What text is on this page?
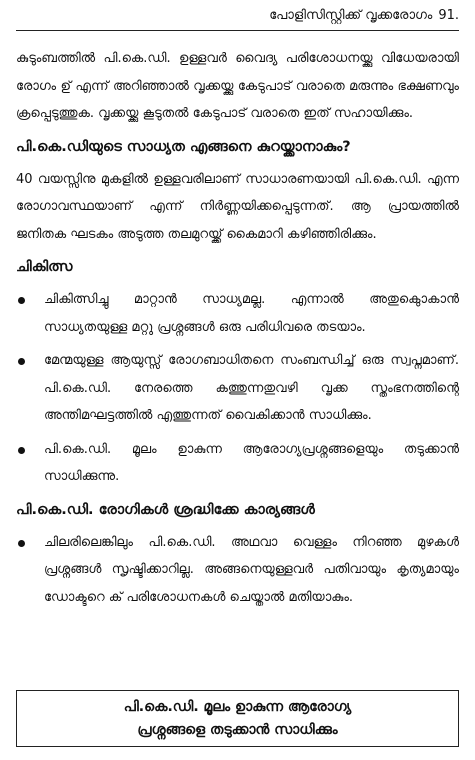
പോളിസിസ്റ്റിക്ക് വൃക്കരോഗം 91.

കുടുംബത്തിൽ പി.കെ.ഡി. ഉള്ളവർ വൈദ്യ പരിശോധനയ്ക്കു വിധേയരായി രോഗം ഉ് എന്ന് അറിഞ്ഞാൽ വൃക്കയ്ക്കു കേടുപാട് വരാതെ മരുന്നും ഭക്ഷണവും ക്രപ്പെടുത്തുക. വൃക്കയ്ക്കു കൂടുതൽ കേടുപാട് വരാതെ ഇത് സഹായിക്കും.

പി.കെ.ഡിയുടെ സാധ്യത എങ്ങനെ കുറയ്ക്കാനാകും?

40 വയസ്സിനു മുകളിൽ ഉള്ളവരിലാണ് സാധാരണയായി പി.കെ.ഡി. എന്ന രോഗാവസ്ഥയാണ് എന്ന് നിർണ്ണയിക്കപ്പെടുന്നത്. ആ പ്രായത്തിൽ ജനിതക ഘടകം അടുത്ത തലമുറയ്ക്ക് കൈമാറി കഴിഞ്ഞിരിക്കും.

ചികിത്സ
ചികിത്സിച്ചു മാറ്റാൻ സാധ്യമല്ല. എന്നാൽ അതുകൊുകാൻ സാധ്യതയുള്ള മറ്റു പ്രശ്നങ്ങൾ ഒരു പരിധിവരെ തടയാം.
മേന്മയുള്ള ആയുസ്സ് രോഗബാധിതനെ സംബന്ധിച്ച് ഒരു സ്വപ്നമാണ്. പി.കെ.ഡി. നേരത്തെ കത്തുന്നതുവഴി വൃക്ക സ്തംഭനത്തിന്റെ അന്തിമഘട്ടത്തിൽ എത്തുന്നത് വൈകിക്കാൻ സാധിക്കും.
പി.കെ.ഡി. മൂലം ഉാകുന്ന ആരോഗ്യപ്രശ്നങ്ങളെയും തടുക്കാൻ സാധിക്കുന്നു.
പി.കെ.ഡി. രോഗികൾ ശ്രദ്ധിക്കേ കാര്യങ്ങൾ
ചിലരിലെങ്കിലും പി.കെ.ഡി. അഥവാ വെള്ളം നിറഞ്ഞ മുഴകൾ പ്രശ്നങ്ങൾ സൃഷ്ടിക്കാറില്ല. അങ്ങനെയുള്ളവർ പതിവായും കൃത്യമായും ഡോക്ടറെ ക് പരിശോധനകൾ ചെയ്താൽ മതിയാകും.
പി.കെ.ഡി. മൂലം ഉാകുന്ന ആരോഗ്യ
പ്രശ്നങ്ങളെ തടുക്കാൻ സാധിക്കും
